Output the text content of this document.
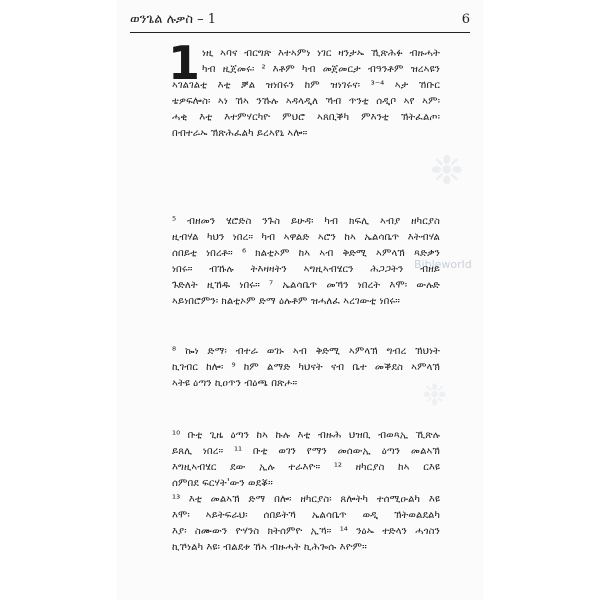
ወንጌል ሉቃስ – 1	6
❉
Bibleworld
❉
1 ነዚ ኣባና ብርግጽ እተኣምነ ነገር ዛንታኡ ኺጽሕፉ ብዙሓት
ካብ ዚጀመሩ፡ ² እቶም ካብ መጀመርታ ብዓንቶም ዝረኣዩን
ኣገልገልቲ እቲ ቓል ዝነበሩን ከም ዝነገሩና፡ ³⁻⁴ ኣታ ኸቡር
ቴዎፍሎስ፡ ኣነ ኸኣ ንኹሉ ኣዳላዲለ ኻብ ጥንቲ ሰዲቦ ኣየ ኣም፡
ሓቂ እቲ እተምሃርካዮ ምህሮ ኣጸቢቕካ ምእንቲ ኽትፈልጦ፡
በብተራኡ ኽጽሕፈልካ ይረኣየኒ ኣሎ።
⁵ ብዘመን ሄሮድስ ንጉስ ይሁዳ፡ ካብ ክፍሊ ኣብያ ዘካርያስ
ዚብሃል ካህን ነበረ። ካብ ኣዋልድ ኣሮን ከኣ ኤልሳቤጥ እትብሃል
ሰበይቲ ነበረቶ። ⁶ ክልቲኦም ከኣ ኣብ ቅድሚ ኣምላኽ ጻድቃን
ነበሩ። ብኹሉ ትእዛዛትን ኣግዚኣብሄርን ሕጋጋትን ብዘይ
ጉድለት ዚኸዱ ነበሩ። ⁷ ኤልሳቤጥ መኻን ነበረት እሞ፡ ውሉድ
ኣይነበሮምን፡ ክልቲኦም ድማ ዕሉቶም ዝሓለፈ ኣረገውቲ ነበሩ።
⁸ ኰነ ድማ፡ ብተራ ወገኑ ኣብ ቅድሚ ኣምላኽ ግብረ ኽህነት
ኪገብር ከሎ፡ ⁹ ከም ልማድ ካህናት ናብ ቤተ መቕደስ ኣምላኽ
ኣትዩ ዕጣን ኪዐጥን ብዕጫ በጽሖ።
¹⁰ ቡቲ ጊዜ ዕጣን ከኣ ኩሉ እቲ ብዙሕ ህዝቢ ብወጻኢ ኺጽሉ
ይጸሊ ነበረ። ¹¹ ቡቲ ወገን የማን መሰውኢ ዕጣን መልኣኽ
እግዚኣብሄር ደው ኢሉ ተራእዮ። ¹² ዘካርያስ ከኣ ርእዩ
ሰምበደ ፍርሃት'ውን ወደቖ።
¹³ እቲ መልኣኽ ድማ በሎ፡ ዘካርያስ፡ ጸሎትካ ተሰሚዑልካ እዩ
እሞ፡ ኣይትፍራህ፡ ሰበይትኻ ኤልሳቤጥ ወዲ ኽትወልደልካ
እያ፡ ስሙውን ዮሃንስ ክትሰምዮ ኢኻ። ¹⁴ ንዕኡ ተድላን ሓጎስን
ኪኾነልካ እዩ፡ ብልደቱ ኸኣ ብዙሓት ኪሕጐሱ እዮም።
